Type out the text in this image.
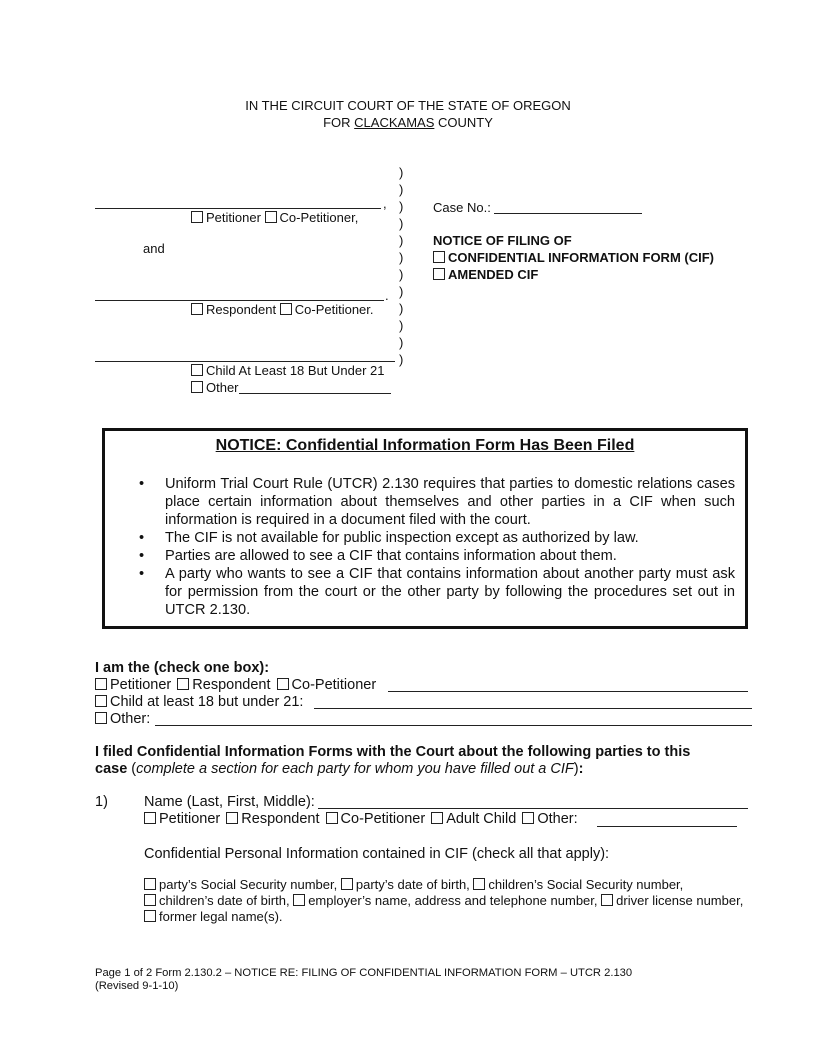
IN THE CIRCUIT COURT OF THE STATE OF OREGON
FOR CLACKAMAS COUNTY
,
Petitioner Co-Petitioner,
and
.
Respondent Co-Petitioner.
Child At Least 18 But Under 21
Other
)
)
)
)
)
)
)
)
)
)
)
)
Case No.:
NOTICE OF FILING OF
CONFIDENTIAL INFORMATION FORM (CIF)
AMENDED CIF
NOTICE: Confidential Information Form Has Been Filed
• Uniform Trial Court Rule (UTCR) 2.130 requires that parties to domestic relations cases place certain information about themselves and other parties in a CIF when such information is required in a document filed with the court.
• The CIF is not available for public inspection except as authorized by law.
• Parties are allowed to see a CIF that contains information about them.
• A party who wants to see a CIF that contains information about another party must ask for permission from the court or the other party by following the procedures set out in UTCR 2.130.
I am the (check one box):
Petitioner Respondent Co-Petitioner
Child at least 18 but under 21:
Other:
I filed Confidential Information Forms with the Court about the following parties to this
case (complete a section for each party for whom you have filled out a CIF):
1) Name (Last, First, Middle):
Petitioner Respondent Co-Petitioner Adult Child Other:
Confidential Personal Information contained in CIF (check all that apply):
party’s Social Security number, party’s date of birth, children’s Social Security number,
children’s date of birth, employer’s name, address and telephone number, driver license number,
former legal name(s).
Page 1 of 2 Form 2.130.2 – NOTICE RE: FILING OF CONFIDENTIAL INFORMATION FORM – UTCR 2.130
(Revised 9-1-10)
